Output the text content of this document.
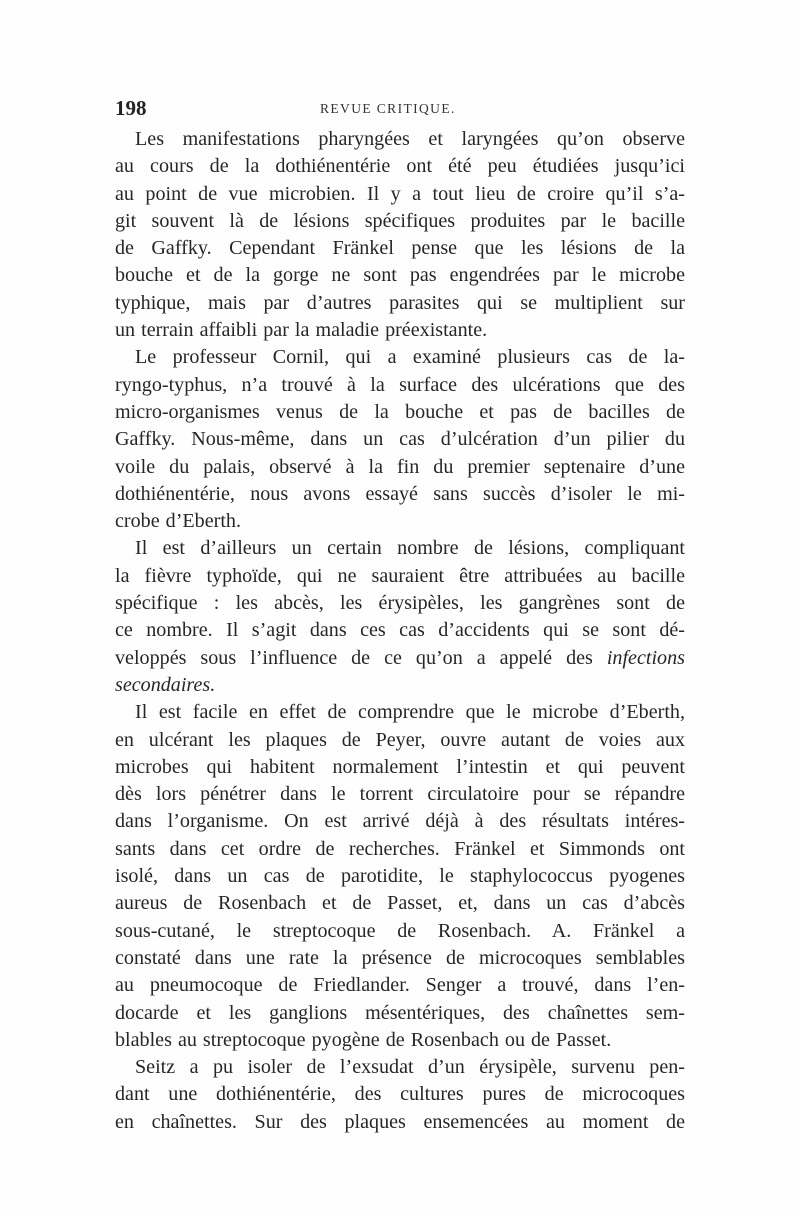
198	REVUE CRITIQUE.

Les manifestations pharyngées et laryngées qu’on observe
au cours de la dothiénentérie ont été peu étudiées jusqu’ici
au point de vue microbien. Il y a tout lieu de croire qu’il s’a-
git souvent là de lésions spécifiques produites par le bacille
de Gaffky. Cependant Fränkel pense que les lésions de la
bouche et de la gorge ne sont pas engendrées par le microbe
typhique, mais par d’autres parasites qui se multiplient sur
un terrain affaibli par la maladie préexistante.

Le professeur Cornil, qui a examiné plusieurs cas de la-
ryngo-typhus, n’a trouvé à la surface des ulcérations que des
micro-organismes venus de la bouche et pas de bacilles de
Gaffky. Nous-même, dans un cas d’ulcération d’un pilier du
voile du palais, observé à la fin du premier septenaire d’une
dothiénentérie, nous avons essayé sans succès d’isoler le mi-
crobe d’Eberth.

Il est d’ailleurs un certain nombre de lésions, compliquant
la fièvre typhoïde, qui ne sauraient être attribuées au bacille
spécifique : les abcès, les érysipèles, les gangrènes sont de
ce nombre. Il s’agit dans ces cas d’accidents qui se sont dé-
veloppés sous l’influence de ce qu’on a appelé des infections
secondaires.

Il est facile en effet de comprendre que le microbe d’Eberth,
en ulcérant les plaques de Peyer, ouvre autant de voies aux
microbes qui habitent normalement l’intestin et qui peuvent
dès lors pénétrer dans le torrent circulatoire pour se répandre
dans l’organisme. On est arrivé déjà à des résultats intéres-
sants dans cet ordre de recherches. Fränkel et Simmonds ont
isolé, dans un cas de parotidite, le staphylococcus pyogenes
aureus de Rosenbach et de Passet, et, dans un cas d’abcès
sous-cutané, le streptocoque de Rosenbach. A. Fränkel a
constaté dans une rate la présence de microcoques semblables
au pneumocoque de Friedlander. Senger a trouvé, dans l’en-
docarde et les ganglions mésentériques, des chaînettes sem-
blables au streptocoque pyogène de Rosenbach ou de Passet.

Seitz a pu isoler de l’exsudat d’un érysipèle, survenu pen-
dant une dothiénentérie, des cultures pures de microcoques
en chaînettes. Sur des plaques ensemencées au moment de
